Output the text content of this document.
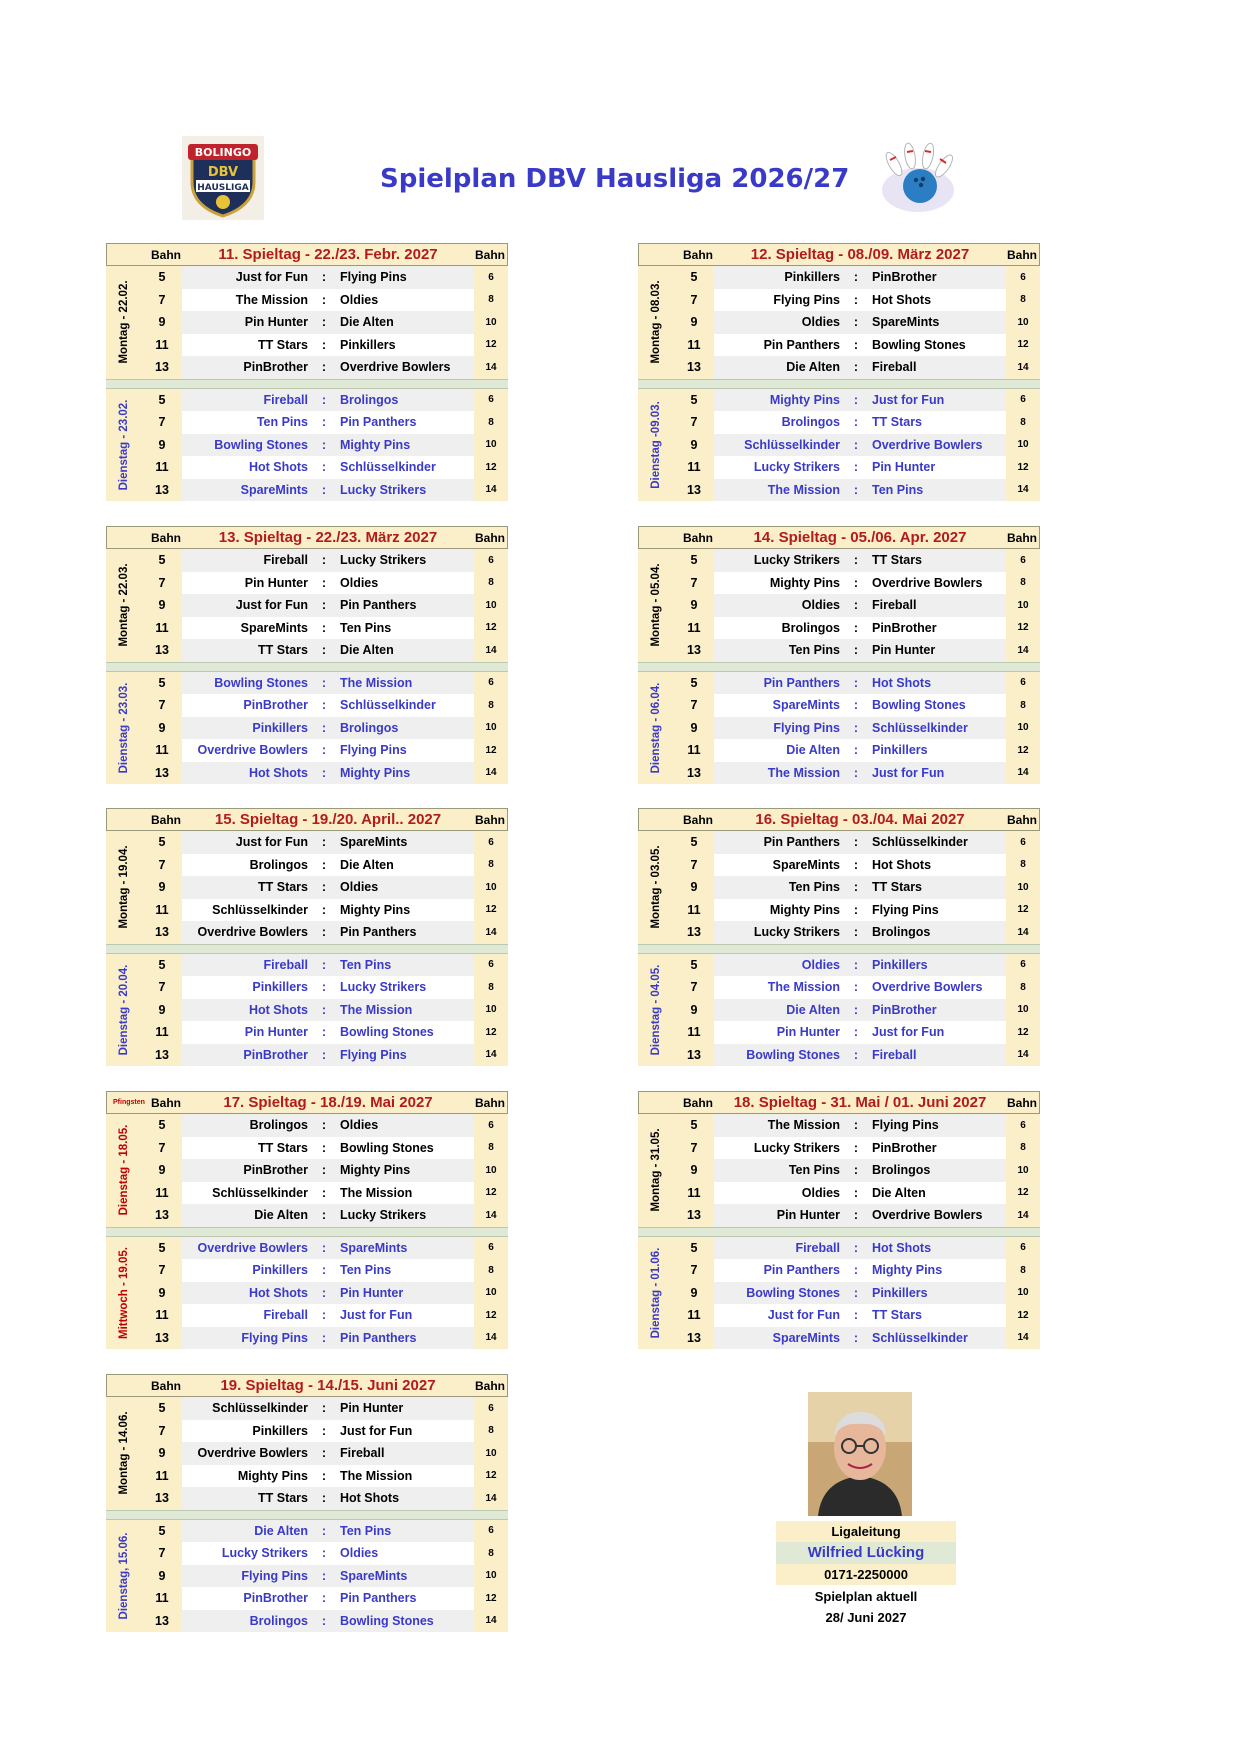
Spielplan DBV Hausliga 2026/27
BOLINGO
DBV
HAUSLIGA
Bahn	11. Spieltag - 22./23. Febr. 2027	Bahn
Montag - 22.02.
5	Just for Fun	:	Flying Pins	6
7	The Mission	:	Oldies	8
9	Pin Hunter	:	Die Alten	10
11	TT Stars	:	Pinkillers	12
13	PinBrother	:	Overdrive Bowlers	14
Dienstag - 23.02.	5	Fireball	:	Brolingos	6
7	Ten Pins	:	Pin Panthers	8
9	Bowling Stones	:	Mighty Pins	10
11	Hot Shots	:	Schlüsselkinder	12
13	SpareMints	:	Lucky Strikers	14
Bahn	12. Spieltag - 08./09. März 2027	Bahn
Montag - 08.03.
5	Pinkillers	:	PinBrother	6
7	Flying Pins	:	Hot Shots	8
9	Oldies	:	SpareMints	10
11	Pin Panthers	:	Bowling Stones	12
13	Die Alten	:	Fireball	14
Dienstag -09.03.
5	Mighty Pins	:	Just for Fun	6
7	Brolingos	:	TT Stars	8
9	Schlüsselkinder	:	Overdrive Bowlers	10
11	Lucky Strikers	:	Pin Hunter	12
13	The Mission	:	Ten Pins	14
Bahn	13. Spieltag - 22./23. März 2027	Bahn
Montag - 22.03.
5	Fireball	:	Lucky Strikers	6
7	Pin Hunter	:	Oldies	8
9	Just for Fun	:	Pin Panthers	10
11	SpareMints	:	Ten Pins	12
13	TT Stars	:	Die Alten	14
Dienstag - 23.03.	5	Bowling Stones	:	The Mission	6
7	PinBrother	:	Schlüsselkinder	8
9	Pinkillers	:	Brolingos	10
11	Overdrive Bowlers	:	Flying Pins	12
13	Hot Shots	:	Mighty Pins	14
Bahn	14. Spieltag - 05./06. Apr. 2027	Bahn
Montag - 05.04.
5	Lucky Strikers	:	TT Stars	6
7	Mighty Pins	:	Overdrive Bowlers	8
9	Oldies	:	Fireball	10
11	Brolingos	:	PinBrother	12
13	Ten Pins	:	Pin Hunter	14
Dienstag - 06.04.	5	Pin Panthers	:	Hot Shots	6
7	SpareMints	:	Bowling Stones	8
9	Flying Pins	:	Schlüsselkinder	10
11	Die Alten	:	Pinkillers	12
13	The Mission	:	Just for Fun	14
Bahn	15. Spieltag - 19./20. April.. 2027	Bahn
Montag - 19.04.
5	Just for Fun	:	SpareMints	6
7	Brolingos	:	Die Alten	8
9	TT Stars	:	Oldies	10
11	Schlüsselkinder	:	Mighty Pins	12
13	Overdrive Bowlers	:	Pin Panthers	14
Dienstag - 20.04.	5	Fireball	:	Ten Pins	6
7	Pinkillers	:	Lucky Strikers	8
9	Hot Shots	:	The Mission	10
11	Pin Hunter	:	Bowling Stones	12
13	PinBrother	:	Flying Pins	14
Bahn	16. Spieltag - 03./04. Mai 2027	Bahn
Montag - 03.05.
5	Pin Panthers	:	Schlüsselkinder	6
7	SpareMints	:	Hot Shots	8
9	Ten Pins	:	TT Stars	10
11	Mighty Pins	:	Flying Pins	12
13	Lucky Strikers	:	Brolingos	14
Dienstag - 04.05.	5	Oldies	:	Pinkillers	6
7	The Mission	:	Overdrive Bowlers	8
9	Die Alten	:	PinBrother	10
11	Pin Hunter	:	Just for Fun	12
13	Bowling Stones	:	Fireball	14
Pfingsten Bahn	17. Spieltag - 18./19. Mai 2027	Bahn
Dienstag - 18.05.	5	Brolingos	:	Oldies	6
7	TT Stars	:	Bowling Stones	8
9	PinBrother	:	Mighty Pins	10
11	Schlüsselkinder	:	The Mission	12
13	Die Alten	:	Lucky Strikers	14
Mittwoch - 19.05.	5	Overdrive Bowlers	:	SpareMints	6
7	Pinkillers	:	Ten Pins	8
9	Hot Shots	:	Pin Hunter	10
11	Fireball	:	Just for Fun	12
13	Flying Pins	:	Pin Panthers	14
Bahn	18. Spieltag - 31. Mai / 01. Juni 2027	Bahn
Montag - 31.05.
5	The Mission	:	Flying Pins	6
7	Lucky Strikers	:	PinBrother	8
9	Ten Pins	:	Brolingos	10
11	Oldies	:	Die Alten	12
13	Pin Hunter	:	Overdrive Bowlers	14
Dienstag - 01.06.	5	Fireball	:	Hot Shots	6
7	Pin Panthers	:	Mighty Pins	8
9	Bowling Stones	:	Pinkillers	10
11	Just for Fun	:	TT Stars	12
13	SpareMints	:	Schlüsselkinder	14
Bahn	19. Spieltag - 14./15. Juni 2027	Bahn
Montag - 14.06.
5	Schlüsselkinder	:	Pin Hunter	6
7	Pinkillers	:	Just for Fun	8
9	Overdrive Bowlers	:	Fireball	10
11	Mighty Pins	:	The Mission	12
13	TT Stars	:	Hot Shots	14
Dienstag, 15.06.
5	Die Alten	:	Ten Pins	6
7	Lucky Strikers	:	Oldies	8
9	Flying Pins	:	SpareMints	10
11	PinBrother	:	Pin Panthers	12
13	Brolingos	:	Bowling Stones	14
Ligaleitung
Wilfried Lücking
0171-2250000
Spielplan aktuell
28/ Juni 2027
